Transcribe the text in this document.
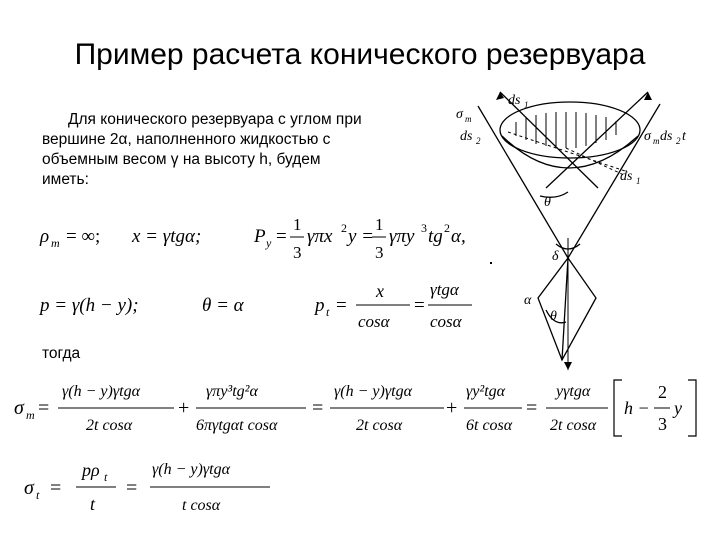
Пример расчета конического резервуара
Для конического резервуара с углом при
вершине 2α, наполненного жидкостью с
объемным весом γ на высоту h, будем
иметь:
ρ m = ∞; x = γtgα;	P y =
1
3
γπx 2 y =
1
3
γπy 3 tg 2 α,
p = γ(h − y);	θ = α	p t =
x
cosα
=
γtgα
cosα
тогда
σ m =
γ(h − y)γtgα
2t cosα
+
γπy³tg²α
6πγtgαt cosα
=
γ(h − y)γtgα
2t cosα
+
γy²tgα
6t cosα
=
yγtgα
2t cosα
h −
2
3
y
σ t =
pρ t
t
=
γ(h − y)γtgα
t cosα
σ m
ds 1
ds 2	σ m ds 2 t
ds 1
θ
δ
α
θ
